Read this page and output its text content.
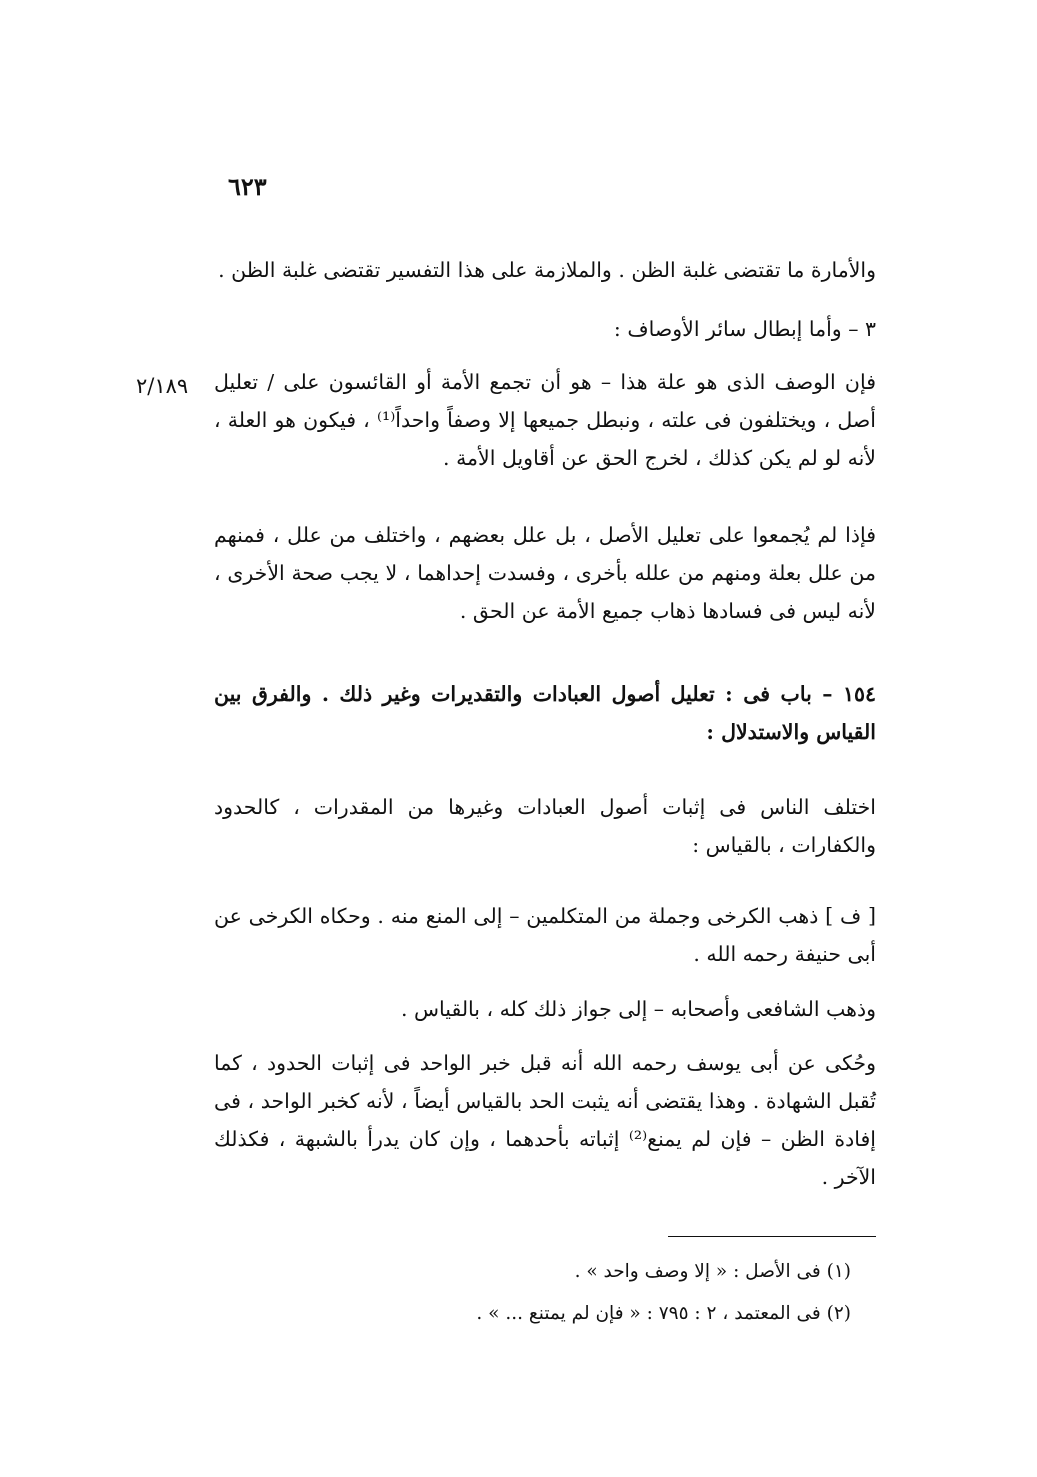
٦٢٣
٢/١٨٩

والأمارة ما تقتضى غلبة الظن . والملازمة على هذا التفسير تقتضى غلبة الظن .

٣ – وأما إبطال سائر الأوصاف :

فإن الوصف الذى هو علة هذا – هو أن تجمع الأمة أو القائسون على / تعليل أصل ، ويختلفون فى علته ، ونبطل جميعها إلا وصفاً واحداً⁽¹⁾ ، فيكون هو العلة ، لأنه لو لم يكن كذلك ، لخرج الحق عن أقاويل الأمة .

فإذا لم يُجمعوا على تعليل الأصل ، بل علل بعضهم ، واختلف من علل ، فمنهم من علل بعلة ومنهم من علله بأخرى ، وفسدت إحداهما ، لا يجب صحة الأخرى ، لأنه ليس فى فسادها ذهاب جميع الأمة عن الحق .

١٥٤ – باب فى : تعليل أصول العبادات والتقديرات وغير ذلك . والفرق بين القياس والاستدلال :

اختلف الناس فى إثبات أصول العبادات وغيرها من المقدرات ، كالحدود والكفارات ، بالقياس :

[ ف ] ذهب الكرخى وجملة من المتكلمين – إلى المنع منه . وحكاه الكرخى عن أبى حنيفة رحمه الله .

وذهب الشافعى وأصحابه – إلى جواز ذلك كله ، بالقياس .

وحُكى عن أبى يوسف رحمه الله أنه قبل خبر الواحد فى إثبات الحدود ، كما تُقبل الشهادة . وهذا يقتضى أنه يثبت الحد بالقياس أيضاً ، لأنه كخبر الواحد ، فى إفادة الظن – فإن لم يمنع⁽²⁾ إثباته بأحدهما ، وإن كان يدرأ بالشبهة ، فكذلك الآخر .

(١) فى الأصل : « إلا وصف واحد » .

(٢) فى المعتمد ، ٢ : ٧٩٥ : « فإن لم يمتنع ... » .
